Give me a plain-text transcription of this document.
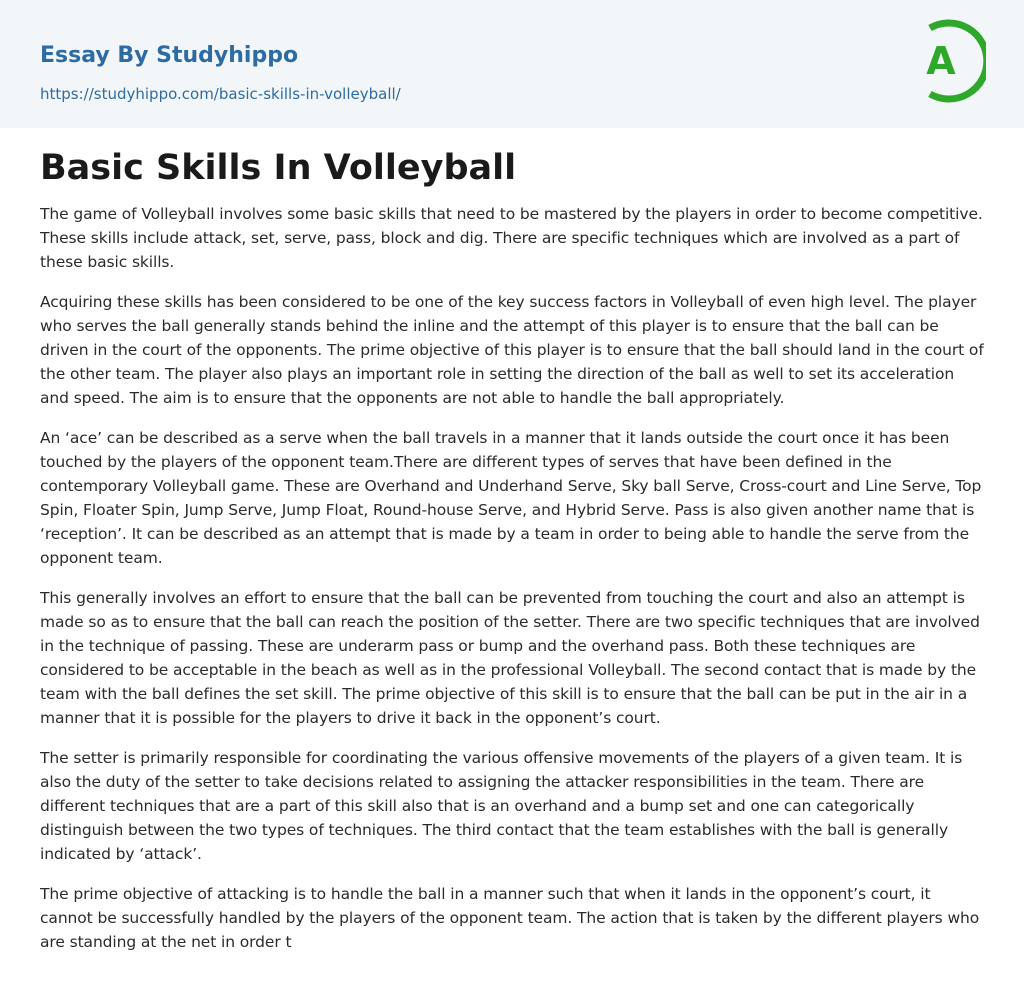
Essay By Studyhippo
https://studyhippo.com/basic-skills-in-volleyball/
A
Basic Skills In Volleyball

The game of Volleyball involves some basic skills that need to be mastered by the players in order to become competitive. These skills include attack, set, serve, pass, block and dig. There are specific techniques which are involved as a part of these basic skills.

Acquiring these skills has been considered to be one of the key success factors in Volleyball of even high level. The player who serves the ball generally stands behind the inline and the attempt of this player is to ensure that the ball can be driven in the court of the opponents. The prime objective of this player is to ensure that the ball should land in the court of the other team. The player also plays an important role in setting the direction of the ball as well to set its acceleration and speed. The aim is to ensure that the opponents are not able to handle the ball appropriately.

An ‘ace’ can be described as a serve when the ball travels in a manner that it lands outside the court once it has been touched by the players of the opponent team.There are different types of serves that have been defined in the contemporary Volleyball game. These are Overhand and Underhand Serve, Sky ball Serve, Cross-court and Line Serve, Top Spin, Floater Spin, Jump Serve, Jump Float, Round-house Serve, and Hybrid Serve. Pass is also given another name that is ‘reception’. It can be described as an attempt that is made by a team in order to being able to handle the serve from the opponent team.

This generally involves an effort to ensure that the ball can be prevented from touching the court and also an attempt is made so as to ensure that the ball can reach the position of the setter. There are two specific techniques that are involved in the technique of passing. These are underarm pass or bump and the overhand pass. Both these techniques are considered to be acceptable in the beach as well as in the professional Volleyball. The second contact that is made by the team with the ball defines the set skill. The prime objective of this skill is to ensure that the ball can be put in the air in a manner that it is possible for the players to drive it back in the opponent’s court.

The setter is primarily responsible for coordinating the various offensive movements of the players of a given team. It is also the duty of the setter to take decisions related to assigning the attacker responsibilities in the team. There are different techniques that are a part of this skill also that is an overhand and a bump set and one can categorically distinguish between the two types of techniques. The third contact that the team establishes with the ball is generally indicated by ‘attack’.

The prime objective of attacking is to handle the ball in a manner such that when it lands in the opponent’s court, it cannot be successfully handled by the players of the opponent team. The action that is taken by the different players who are standing at the net in order t
